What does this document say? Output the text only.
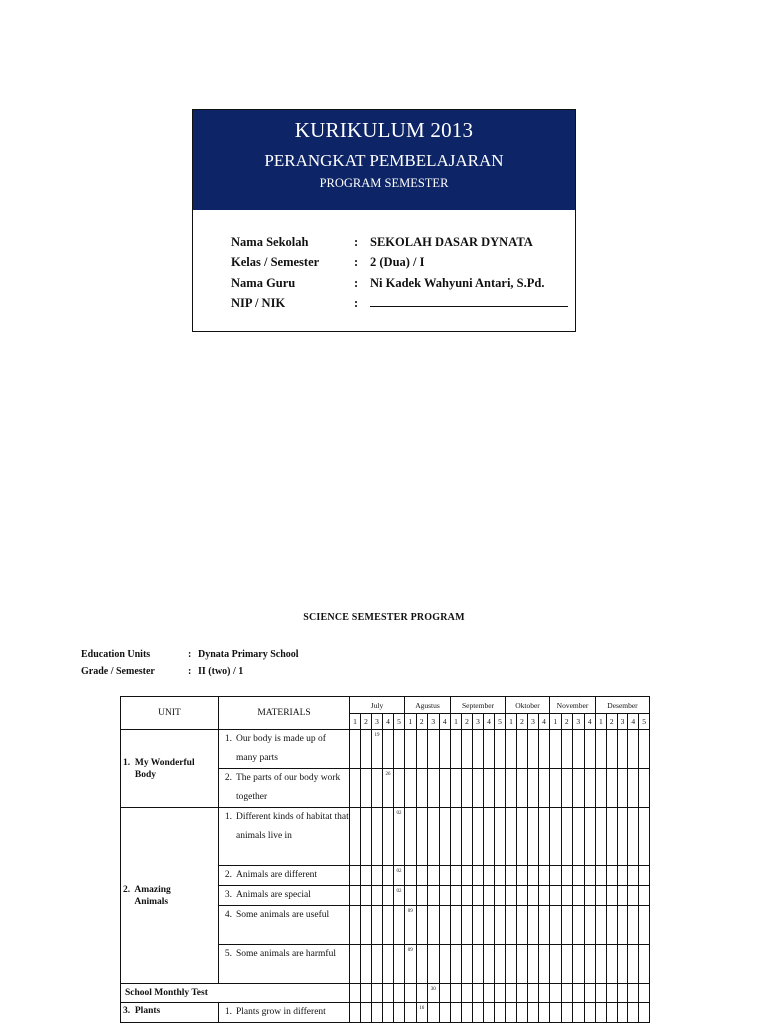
KURIKULUM 2013
PERANGKAT PEMBELAJARAN
PROGRAM SEMESTER
Nama Sekolah	: SEKOLAH DASAR DYNATA
Kelas / Semester	: 2 (Dua) / I
Nama Guru	: Ni Kadek Wahyuni Antari, S.Pd.
NIP / NIK	:
SCIENCE SEMESTER PROGRAM
Education Units	: Dynata Primary School
Grade / Semester	: II (two) / 1
UNIT	MATERIALS	July					Agustus				September					Oktober				November				Desember				
		1	2	3	4	5	1	2	3	4	1	2	3	4	5	1	2	3	4	1	2	3	4	1	2	3	4	5
1.  My Wonderful
Body	1. Our body is made up of many parts			19																								

	2. The parts of our body work together				26																							
2.  Amazing
Animals	1. Different kinds of habitat that animals live in					02																						

	2. Animals are different					02																						

	3. Animals are special					02																						

	4. Some animals are useful						09																					

	5. Some animals are harmful						09																					
School Monthly Test									30																			
3.  Plants	1. Plants grow in different							16																				
